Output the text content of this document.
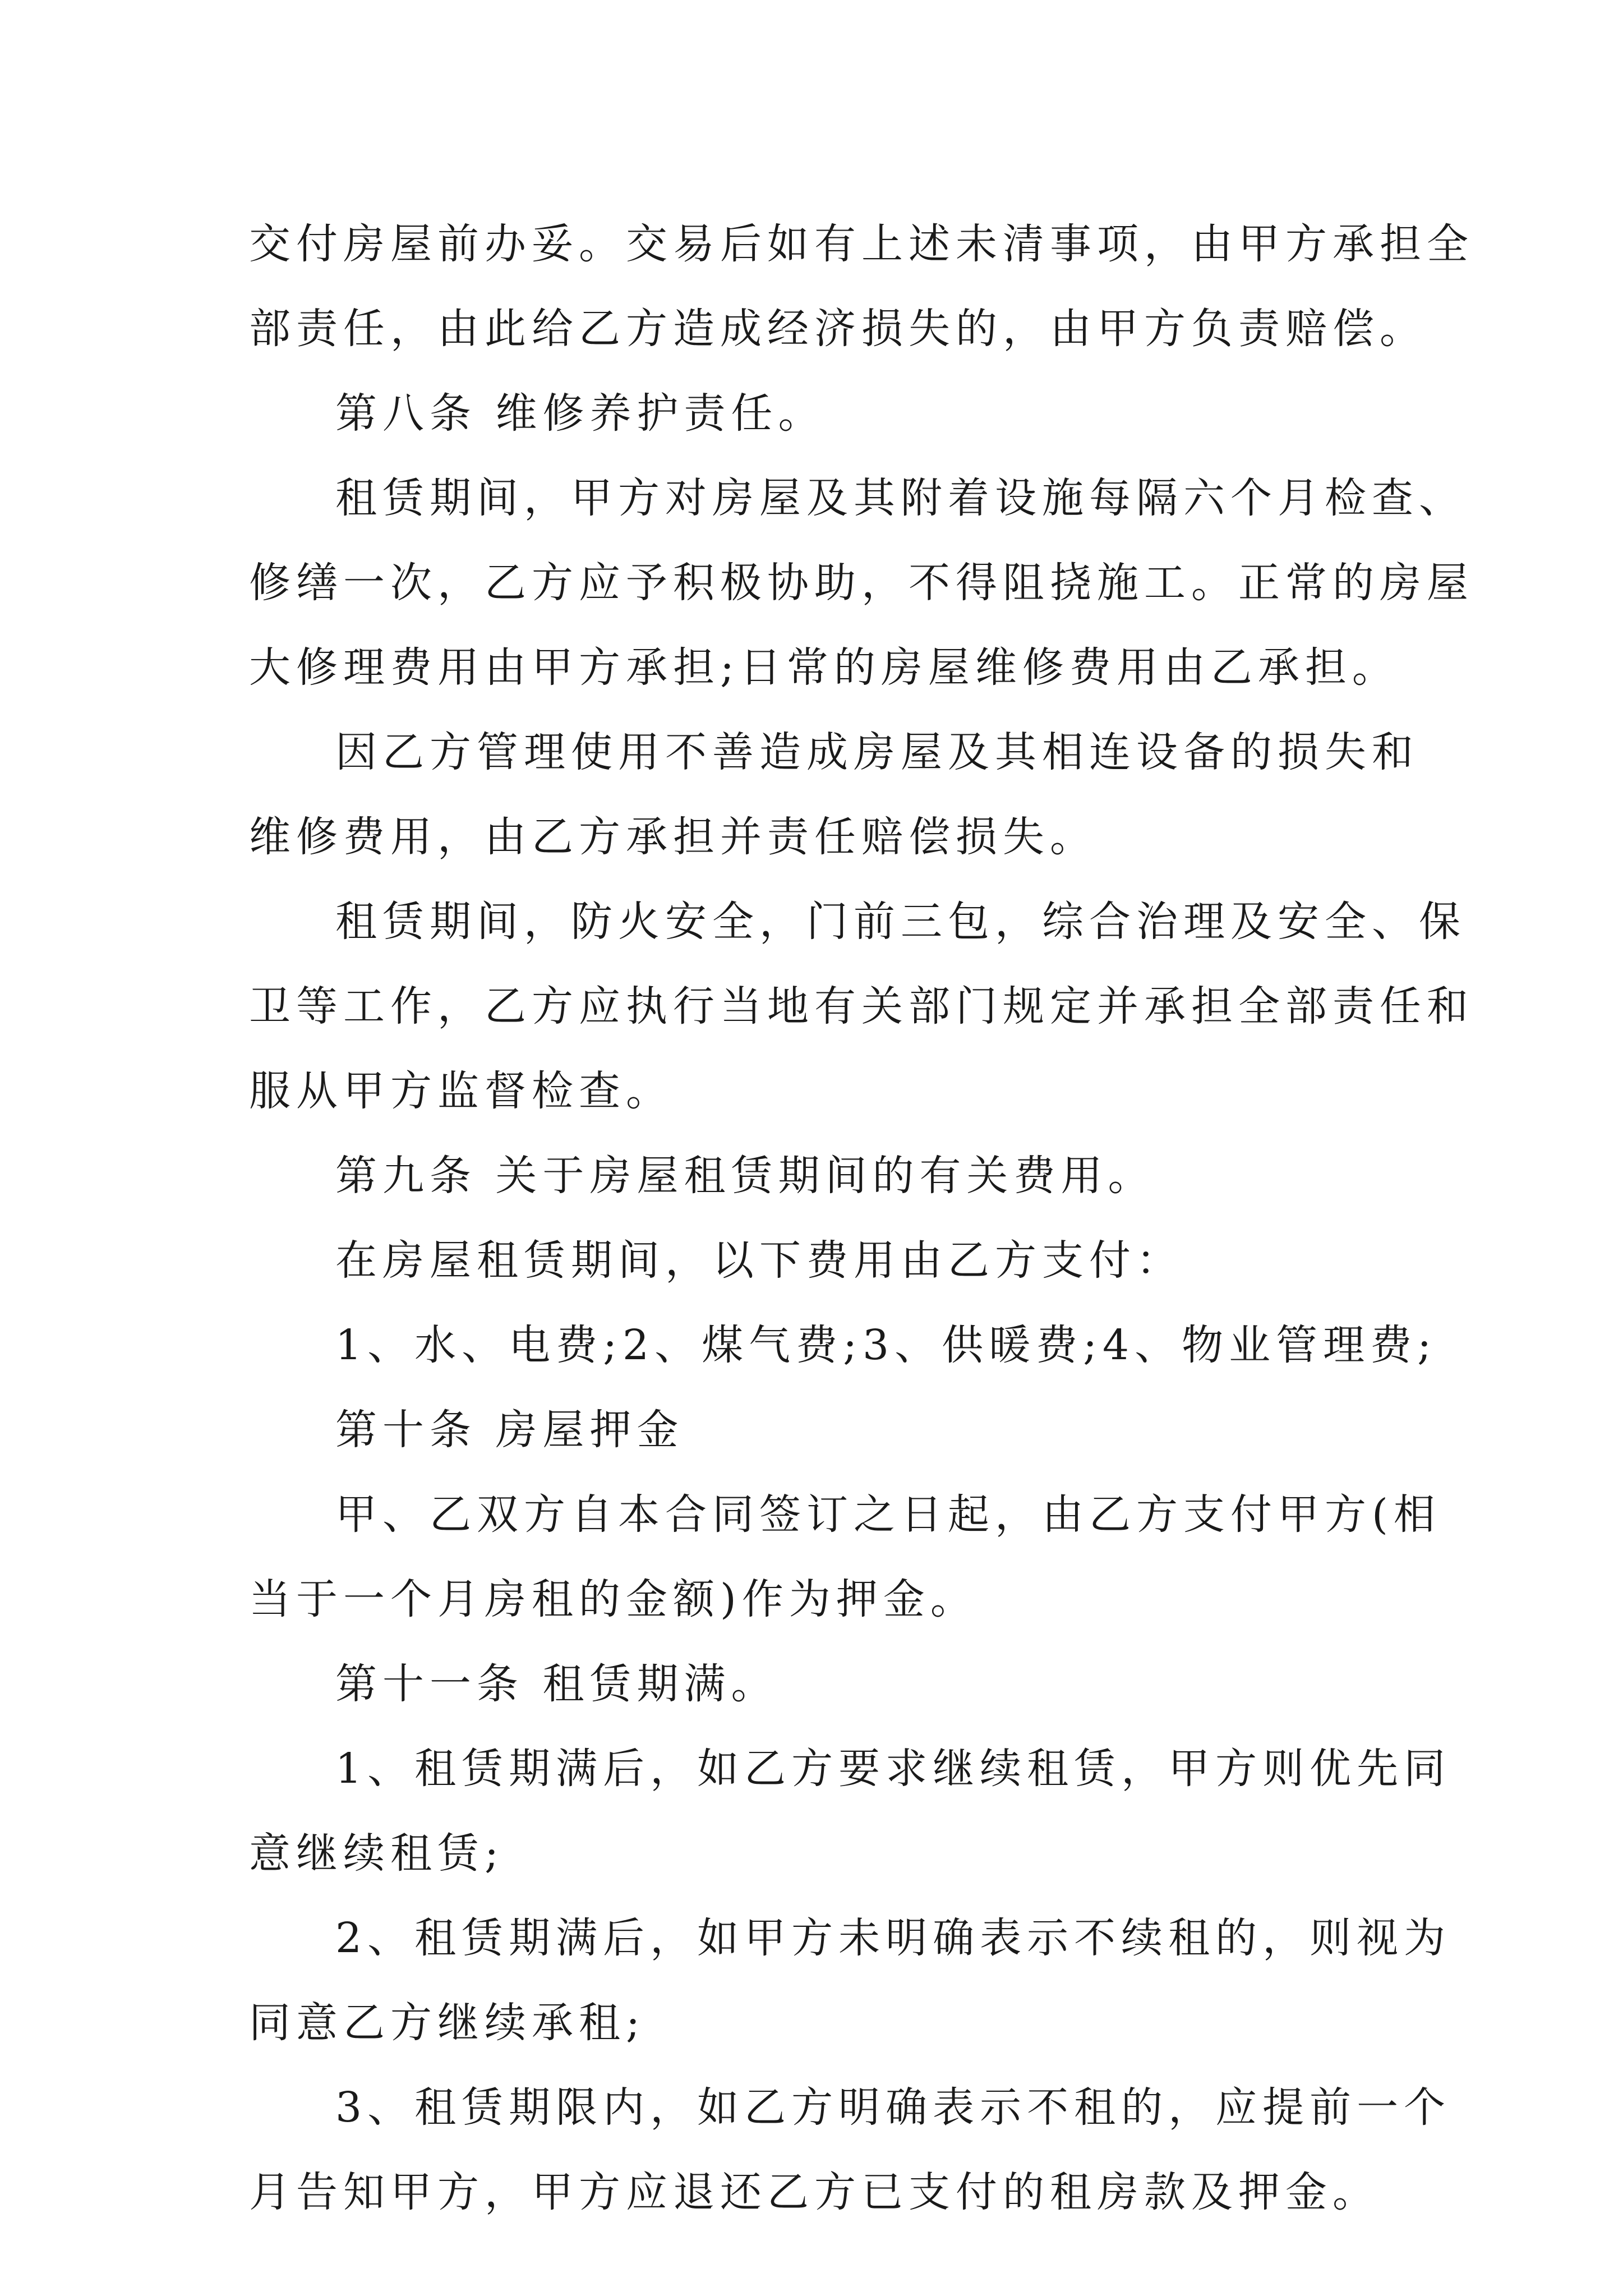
交付房屋前办妥。交易后如有上述未清事项，由甲方承担全
部责任，由此给乙方造成经济损失的，由甲方负责赔偿。

第八条 维修养护责任。

租赁期间，甲方对房屋及其附着设施每隔六个月检查、
修缮一次，乙方应予积极协助，不得阻挠施工。正常的房屋
大修理费用由甲方承担;日常的房屋维修费用由乙承担。

因乙方管理使用不善造成房屋及其相连设备的损失和
维修费用，由乙方承担并责任赔偿损失。

租赁期间，防火安全，门前三包，综合治理及安全、保
卫等工作，乙方应执行当地有关部门规定并承担全部责任和
服从甲方监督检查。

第九条 关于房屋租赁期间的有关费用。

在房屋租赁期间，以下费用由乙方支付：

1、水、电费;2、煤气费;3、供暖费;4、物业管理费;

第十条 房屋押金

甲、乙双方自本合同签订之日起，由乙方支付甲方(相
当于一个月房租的金额)作为押金。

第十一条 租赁期满。

1、租赁期满后，如乙方要求继续租赁，甲方则优先同
意继续租赁;

2、租赁期满后，如甲方未明确表示不续租的，则视为
同意乙方继续承租;

3、租赁期限内，如乙方明确表示不租的，应提前一个
月告知甲方，甲方应退还乙方已支付的租房款及押金。
